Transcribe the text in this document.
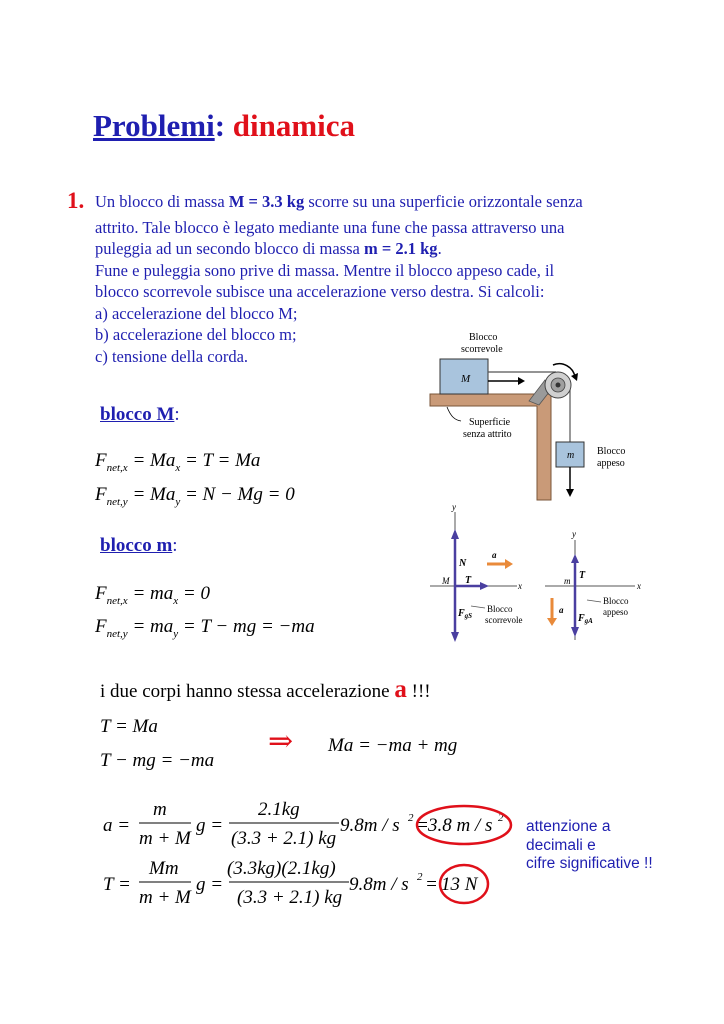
Problemi: dinamica
1. Un blocco di massa M = 3.3 kg scorre su una superficie orizzontale senza
attrito. Tale blocco è legato mediante una fune che passa attraverso una
puleggia ad un secondo blocco di massa m = 2.1 kg.
Fune e puleggia sono prive di massa. Mentre il blocco appeso cade, il
blocco scorrevole subisce una accelerazione verso destra. Si calcoli:
a) accelerazione del blocco M;
b) accelerazione del blocco m;
c) tensione della corda.
Blocco
scorrevole
M
m
Superficie
senza attrito
Blocco
appeso
y
x
a
N
T
M
$F_{gS}$
Blocco
scorrevole
y
x
a
T
m
$F_{gA}$
Blocco
appeso
blocco M:
$F_{net,x} = Ma_x = T = Ma$
$F_{net,y} = Ma_y = N - Mg = 0$
blocco m:
$F_{net,x} = ma_x = 0$
$F_{net,y} = ma_y = T$ − mg = −ma
i due corpi hanno stessa accelerazione a !!!
T = Ma
T − mg = −ma
⇒ Ma = −ma + mg
a =
m
m + M
g =
2.1kg
(3.3 + 2.1) kg
9.8m / s 2 = 3.8 m / s 2
T =
Mm
m + M
g =
(3.3kg)(2.1kg)
(3.3 + 2.1) kg
9.8m / s 2 = 13 N
attenzione a
decimali e
cifre significative !!
